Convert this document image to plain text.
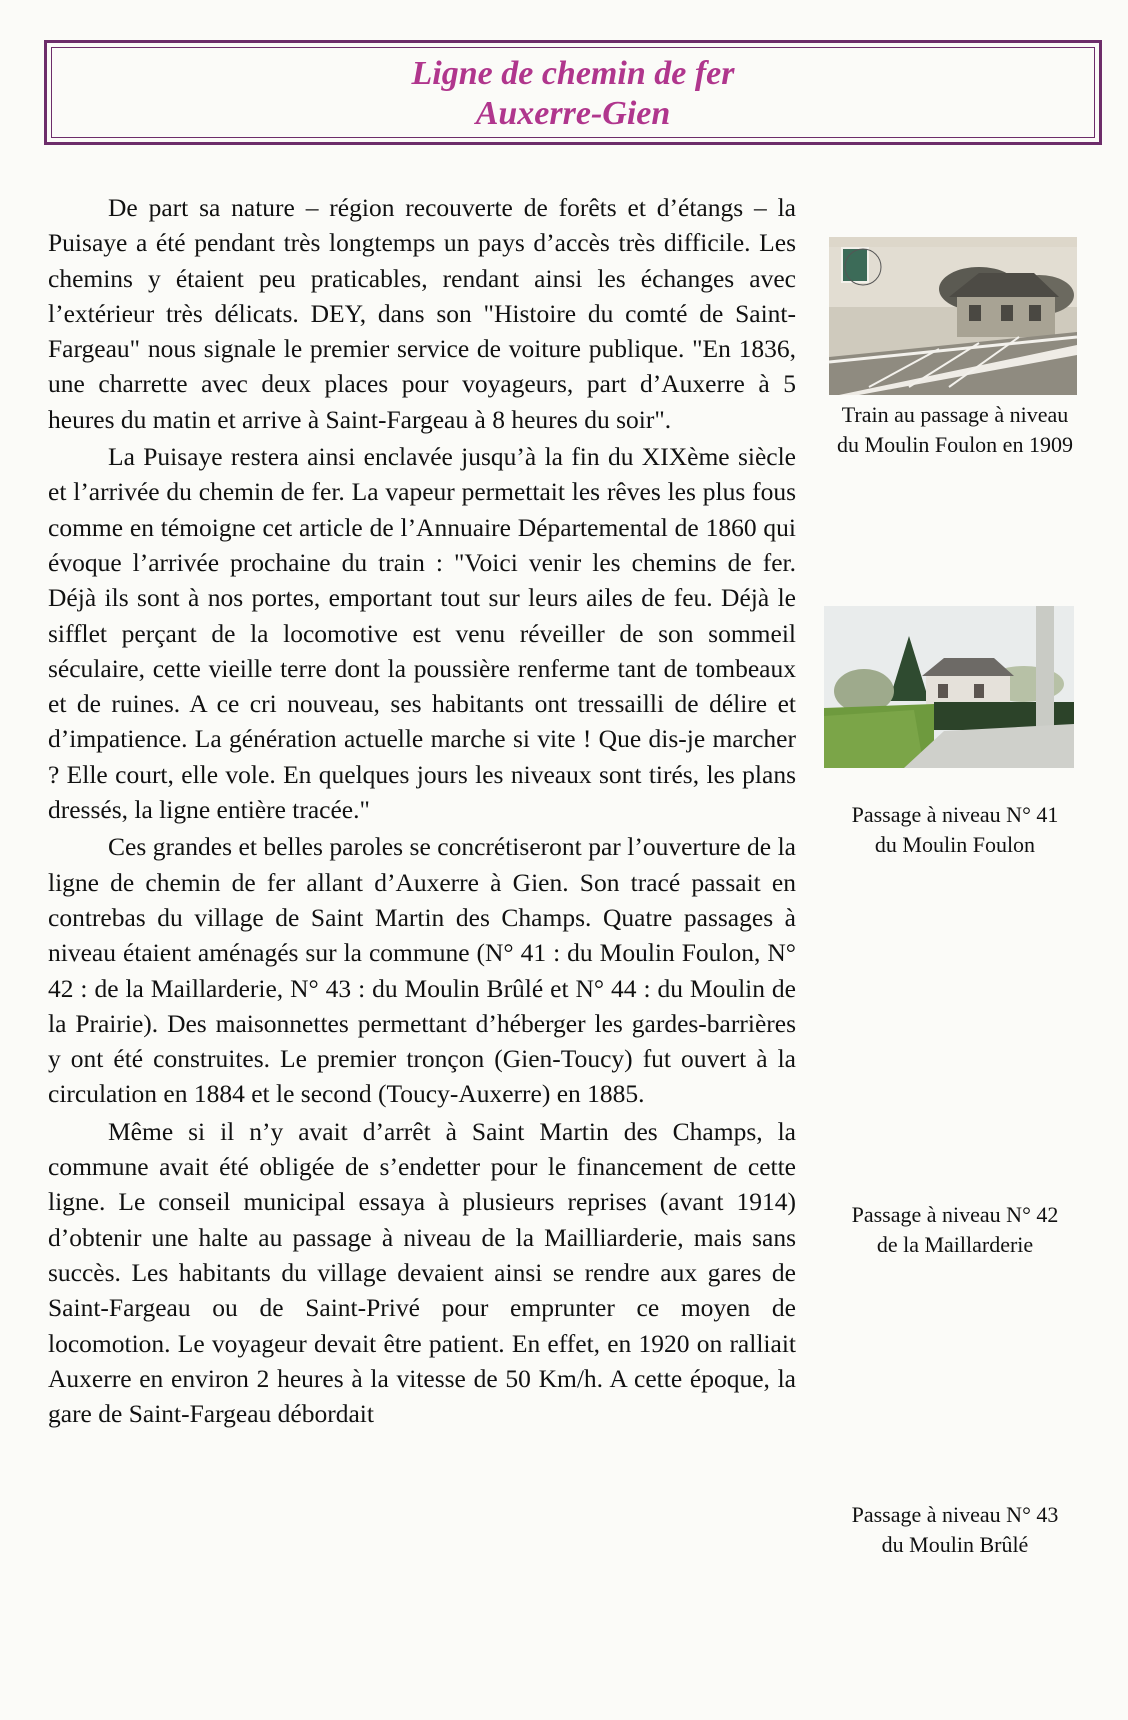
Ligne de chemin de fer
Auxerre-Gien

De part sa nature – région recouverte de forêts et d’étangs – la Puisaye a été pendant très longtemps un pays d’accès très difficile. Les chemins y étaient peu praticables, rendant ainsi les échanges avec l’extérieur très délicats. DEY, dans son "Histoire du comté de Saint-Fargeau" nous signale le premier service de voiture publique. "En 1836, une charrette avec deux places pour voyageurs, part d’Auxerre à 5 heures du matin et arrive à Saint-Fargeau à 8 heures du soir".

La Puisaye restera ainsi enclavée jusqu’à la fin du XIXème siècle et l’arrivée du chemin de fer. La vapeur permettait les rêves les plus fous comme en témoigne cet article de l’Annuaire Départemental de 1860 qui évoque l’arrivée prochaine du train : "Voici venir les chemins de fer. Déjà ils sont à nos portes, emportant tout sur leurs ailes de feu. Déjà le sifflet perçant de la locomotive est venu réveiller de son sommeil séculaire, cette vieille terre dont la poussière renferme tant de tombeaux et de ruines. A ce cri nouveau, ses habitants ont tressailli de délire et d’impatience. La génération actuelle marche si vite ! Que dis-je marcher ? Elle court, elle vole. En quelques jours les niveaux sont tirés, les plans dressés, la ligne entière tracée."

Ces grandes et belles paroles se concrétiseront par l’ouverture de la ligne de chemin de fer allant d’Auxerre à Gien. Son tracé passait en contrebas du village de Saint Martin des Champs. Quatre passages à niveau étaient aménagés sur la commune (N° 41 : du Moulin Foulon, N° 42 : de la Maillarderie, N° 43 : du Moulin Brûlé et N° 44 : du Moulin de la Prairie). Des maisonnettes permettant d’héberger les gardes-barrières y ont été construites. Le premier tronçon (Gien-Toucy) fut ouvert à la circulation en 1884 et le second (Toucy-Auxerre) en 1885.

Même si il n’y avait d’arrêt à Saint Martin des Champs, la commune avait été obligée de s’endetter pour le financement de cette ligne. Le conseil municipal essaya à plusieurs reprises (avant 1914) d’obtenir une halte au passage à niveau de la Mailliarderie, mais sans succès. Les habitants du village devaient ainsi se rendre aux gares de Saint-Fargeau ou de Saint-Privé pour emprunter ce moyen de locomotion. Le voyageur devait être patient. En effet, en 1920 on ralliait Auxerre en environ 2 heures à la vitesse de 50 Km/h. A cette époque, la gare de Saint-Fargeau débordait

Train au passage à niveau
du Moulin Foulon en 1909
Passage à niveau N° 41
du Moulin Foulon
Passage à niveau N° 42
de la Maillarderie
Passage à niveau N° 43
du Moulin Brûlé
